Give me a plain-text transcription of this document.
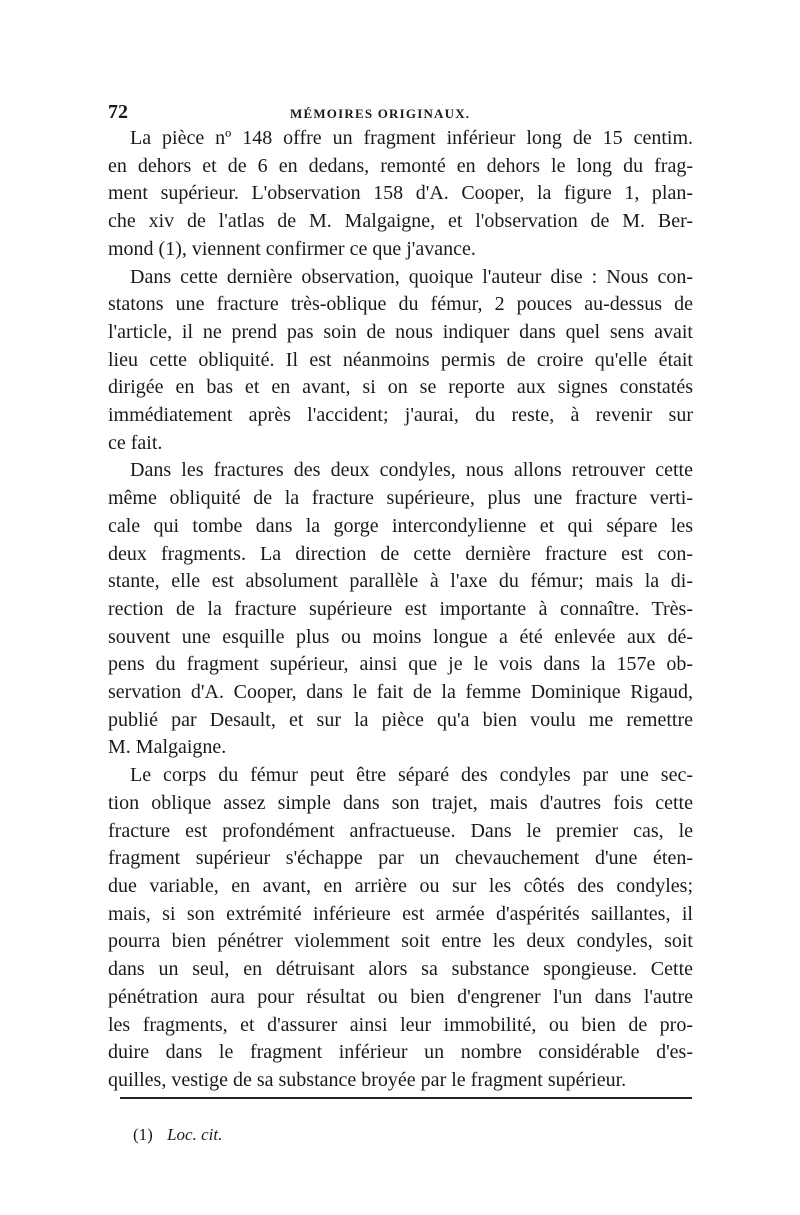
72	MÉMOIRES ORIGINAUX.
La pièce nº 148 offre un fragment inférieur long de 15 centim.
en dehors et de 6 en dedans, remonté en dehors le long du frag-
ment supérieur. L'observation 158 d'A. Cooper, la figure 1, plan-
che xiv de l'atlas de M. Malgaigne, et l'observation de M. Ber-
mond (1), viennent confirmer ce que j'avance.
Dans cette dernière observation, quoique l'auteur dise : Nous con-
statons une fracture très-oblique du fémur, 2 pouces au-dessus de
l'article, il ne prend pas soin de nous indiquer dans quel sens avait
lieu cette obliquité. Il est néanmoins permis de croire qu'elle était
dirigée en bas et en avant, si on se reporte aux signes constatés
immédiatement après l'accident; j'aurai, du reste, à revenir sur
ce fait.
Dans les fractures des deux condyles, nous allons retrouver cette
même obliquité de la fracture supérieure, plus une fracture verti-
cale qui tombe dans la gorge intercondylienne et qui sépare les
deux fragments. La direction de cette dernière fracture est con-
stante, elle est absolument parallèle à l'axe du fémur; mais la di-
rection de la fracture supérieure est importante à connaître. Très-
souvent une esquille plus ou moins longue a été enlevée aux dé-
pens du fragment supérieur, ainsi que je le vois dans la 157e ob-
servation d'A. Cooper, dans le fait de la femme Dominique Rigaud,
publié par Desault, et sur la pièce qu'a bien voulu me remettre
M. Malgaigne.
Le corps du fémur peut être séparé des condyles par une sec-
tion oblique assez simple dans son trajet, mais d'autres fois cette
fracture est profondément anfractueuse. Dans le premier cas, le
fragment supérieur s'échappe par un chevauchement d'une éten-
due variable, en avant, en arrière ou sur les côtés des condyles;
mais, si son extrémité inférieure est armée d'aspérités saillantes, il
pourra bien pénétrer violemment soit entre les deux condyles, soit
dans un seul, en détruisant alors sa substance spongieuse. Cette
pénétration aura pour résultat ou bien d'engrener l'un dans l'autre
les fragments, et d'assurer ainsi leur immobilité, ou bien de pro-
duire dans le fragment inférieur un nombre considérable d'es-
quilles, vestige de sa substance broyée par le fragment supérieur.
(1) Loc. cit.
